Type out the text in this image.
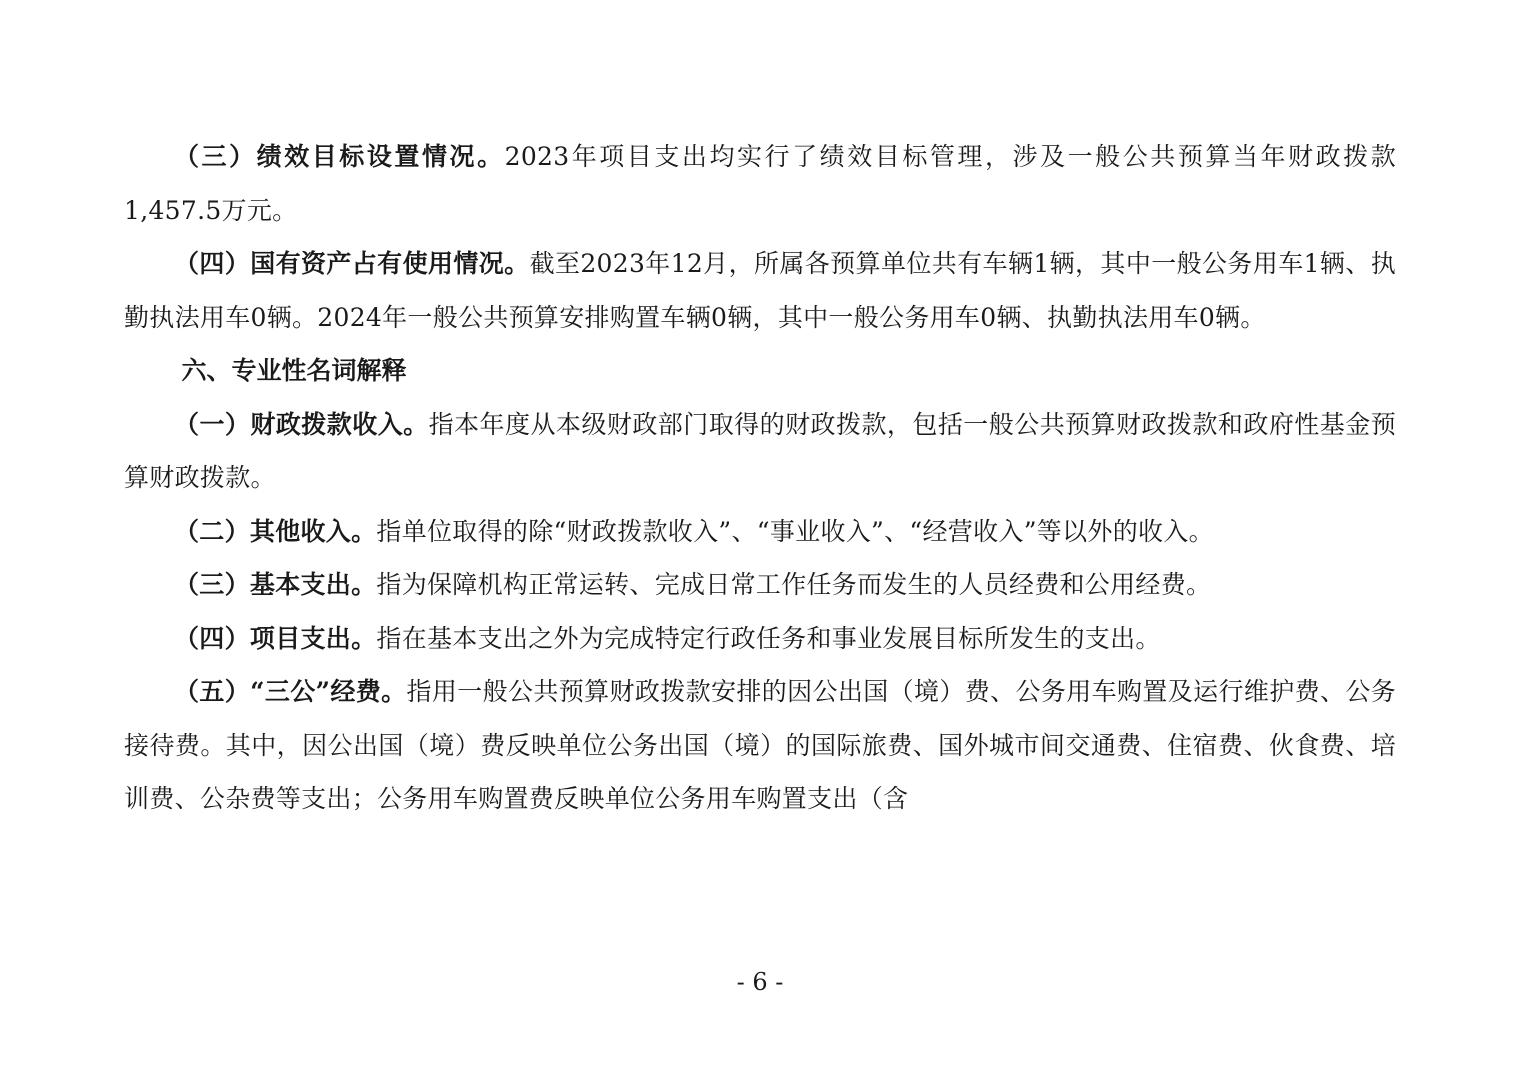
（三）绩效目标设置情况。2023年项目支出均实行了绩效目标管理，涉及一般公共预算当年财政拨款1,457.5万元。

（四）国有资产占有使用情况。截至2023年12月，所属各预算单位共有车辆1辆，其中一般公务用车1辆、执勤执法用车0辆。2024年一般公共预算安排购置车辆0辆，其中一般公务用车0辆、执勤执法用车0辆。

六、专业性名词解释

（一）财政拨款收入。指本年度从本级财政部门取得的财政拨款，包括一般公共预算财政拨款和政府性基金预算财政拨款。

（二）其他收入。指单位取得的除“财政拨款收入”、“事业收入”、“经营收入”等以外的收入。

（三）基本支出。指为保障机构正常运转、完成日常工作任务而发生的人员经费和公用经费。

（四）项目支出。指在基本支出之外为完成特定行政任务和事业发展目标所发生的支出。

（五）“三公”经费。指用一般公共预算财政拨款安排的因公出国（境）费、公务用车购置及运行维护费、公务接待费。其中，因公出国（境）费反映单位公务出国（境）的国际旅费、国外城市间交通费、住宿费、伙食费、培训费、公杂费等支出；公务用车购置费反映单位公务用车购置支出（含

- 6 -
